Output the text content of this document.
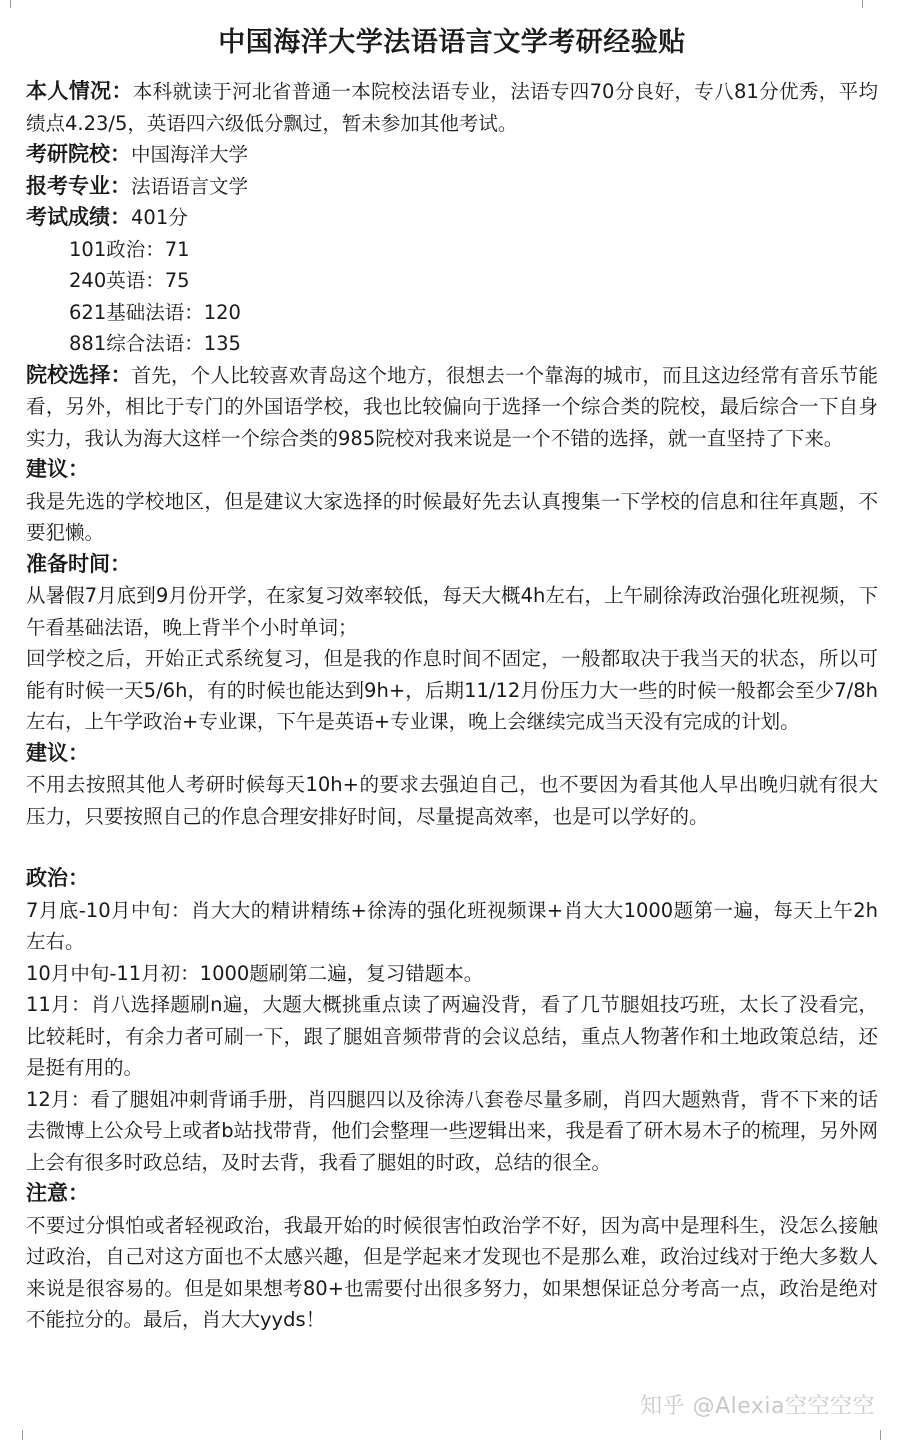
中国海洋大学法语语言文学考研经验贴

本人情况：本科就读于河北省普通一本院校法语专业，法语专四70分良好，专八81分优秀，平均绩点4.23/5，英语四六级低分飘过，暂未参加其他考试。

考研院校：中国海洋大学

报考专业：法语语言文学

考试成绩：401分

101政治：71

240英语：75

621基础法语：120

881综合法语：135

院校选择：首先，个人比较喜欢青岛这个地方，很想去一个靠海的城市，而且这边经常有音乐节能看，另外，相比于专门的外国语学校，我也比较偏向于选择一个综合类的院校，最后综合一下自身实力，我认为海大这样一个综合类的985院校对我来说是一个不错的选择，就一直坚持了下来。

建议：

我是先选的学校地区，但是建议大家选择的时候最好先去认真搜集一下学校的信息和往年真题，不要犯懒。

准备时间：

从暑假7月底到9月份开学，在家复习效率较低，每天大概4h左右，上午刷徐涛政治强化班视频，下午看基础法语，晚上背半个小时单词；

回学校之后，开始正式系统复习，但是我的作息时间不固定，一般都取决于我当天的状态，所以可能有时候一天5/6h，有的时候也能达到9h+，后期11/12月份压力大一些的时候一般都会至少7/8h左右，上午学政治+专业课，下午是英语+专业课，晚上会继续完成当天没有完成的计划。

建议：

不用去按照其他人考研时候每天10h+的要求去强迫自己，也不要因为看其他人早出晚归就有很大压力，只要按照自己的作息合理安排好时间，尽量提高效率，也是可以学好的。

政治：

7月底-10月中旬：肖大大的精讲精练+徐涛的强化班视频课+肖大大1000题第一遍，每天上午2h左右。

10月中旬-11月初：1000题刷第二遍，复习错题本。

11月：肖八选择题刷n遍，大题大概挑重点读了两遍没背，看了几节腿姐技巧班，太长了没看完，比较耗时，有余力者可刷一下，跟了腿姐音频带背的会议总结，重点人物著作和土地政策总结，还是挺有用的。

12月：看了腿姐冲刺背诵手册，肖四腿四以及徐涛八套卷尽量多刷，肖四大题熟背，背不下来的话去微博上公众号上或者b站找带背，他们会整理一些逻辑出来，我是看了研木易木子的梳理，另外网上会有很多时政总结，及时去背，我看了腿姐的时政，总结的很全。

注意：

不要过分惧怕或者轻视政治，我最开始的时候很害怕政治学不好，因为高中是理科生，没怎么接触过政治，自己对这方面也不太感兴趣，但是学起来才发现也不是那么难，政治过线对于绝大多数人来说是很容易的。但是如果想考80+也需要付出很多努力，如果想保证总分考高一点，政治是绝对不能拉分的。最后，肖大大yyds！

知乎 @Alexia空空空空
